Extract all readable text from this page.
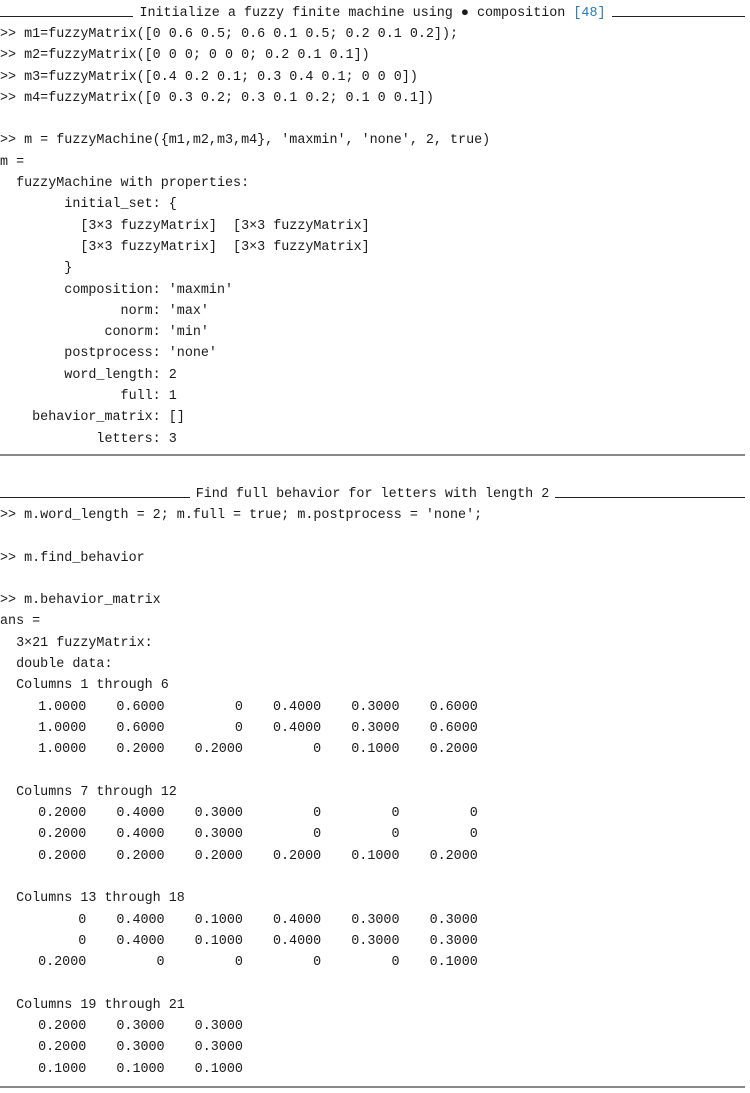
Initialize a fuzzy finite machine using ● composition [48]
>> m1=fuzzyMatrix([0 0.6 0.5; 0.6 0.1 0.5; 0.2 0.1 0.2]);
>> m2=fuzzyMatrix([0 0 0; 0 0 0; 0.2 0.1 0.1])
>> m3=fuzzyMatrix([0.4 0.2 0.1; 0.3 0.4 0.1; 0 0 0])
>> m4=fuzzyMatrix([0 0.3 0.2; 0.3 0.1 0.2; 0.1 0 0.1])
>> m = fuzzyMachine({m1,m2,m3,m4}, 'maxmin', 'none', 2, true)
m =
fuzzyMachine with properties:
initial_set: {
[3×3 fuzzyMatrix]  [3×3 fuzzyMatrix]
[3×3 fuzzyMatrix]  [3×3 fuzzyMatrix]
}
composition: 'maxmin'
norm: 'max'
conorm: 'min'
postprocess: 'none'
word_length: 2
full: 1
behavior_matrix: []
letters: 3
Find full behavior for letters with length 2
>> m.word_length = 2; m.full = true; m.postprocess = 'none';
>> m.find_behavior
>> m.behavior_matrix
ans =
3×21 fuzzyMatrix:
double data:
Columns 1 through 6
1.0000	0.6000	0	0.4000	0.3000	0.6000
1.0000	0.6000	0	0.4000	0.3000	0.6000
1.0000	0.2000	0.2000	0	0.1000	0.2000
Columns 7 through 12
0.2000	0.4000	0.3000	0	0	0
0.2000	0.4000	0.3000	0	0	0
0.2000	0.2000	0.2000	0.2000	0.1000	0.2000
Columns 13 through 18
0	0.4000	0.1000	0.4000	0.3000	0.3000
0	0.4000	0.1000	0.4000	0.3000	0.3000
0.2000	0	0	0	0	0.1000
Columns 19 through 21
0.2000	0.3000	0.3000
0.2000	0.3000	0.3000
0.1000	0.1000	0.1000
